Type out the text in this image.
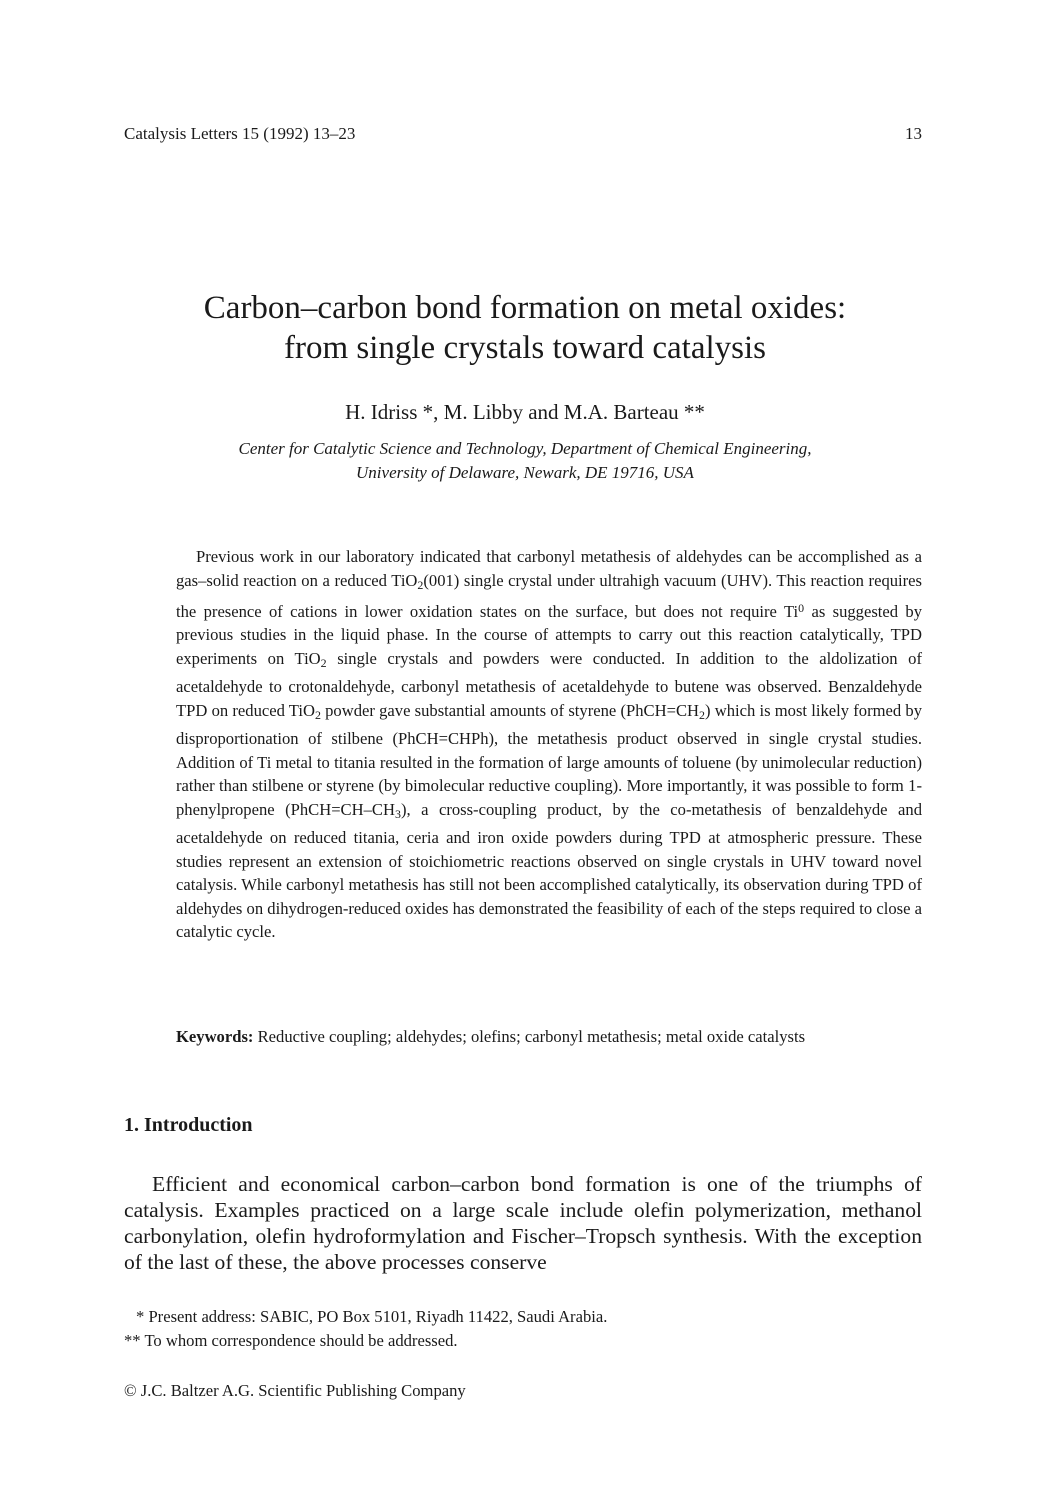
Catalysis Letters 15 (1992) 13–23	13
Carbon–carbon bond formation on metal oxides:
from single crystals toward catalysis
H. Idriss *, M. Libby and M.A. Barteau **
Center for Catalytic Science and Technology, Department of Chemical Engineering,
University of Delaware, Newark, DE 19716, USA

Previous work in our laboratory indicated that carbonyl metathesis of aldehydes can be accomplished as a gas–solid reaction on a reduced TiO$_2$(001) single crystal under ultrahigh vacuum (UHV). This reaction requires the presence of cations in lower oxidation states on the surface, but does not require Ti$^0$ as suggested by previous studies in the liquid phase. In the course of attempts to carry out this reaction catalytically, TPD experiments on TiO$_2$ single crystals and powders were conducted. In addition to the aldolization of acetaldehyde to crotonaldehyde, carbonyl metathesis of acetaldehyde to butene was observed. Benzaldehyde TPD on reduced TiO$_2$ powder gave substantial amounts of styrene $(PhCH=CH_2)$ which is most likely formed by disproportionation of stilbene (PhCH=CHPh), the metathesis product observed in single crystal studies. Addition of Ti metal to titania resulted in the formation of large amounts of toluene (by unimolecular reduction) rather than stilbene or styrene (by bimolecular reductive coupling). More importantly, it was possible to form 1-phenylpropene $(PhCH=CH-CH_3)$, a cross-coupling product, by the co-metathesis of benzaldehyde and acetaldehyde on reduced titania, ceria and iron oxide powders during TPD at atmospheric pressure. These studies represent an extension of stoichiometric reactions observed on single crystals in UHV toward novel catalysis. While carbonyl metathesis has still not been accomplished catalytically, its observation during TPD of aldehydes on dihydrogen-reduced oxides has demonstrated the feasibility of each of the steps required to close a catalytic cycle.

Keywords: Reductive coupling; aldehydes; olefins; carbonyl metathesis; metal oxide catalysts
1. Introduction

Efficient and economical carbon–carbon bond formation is one of the triumphs of catalysis. Examples practiced on a large scale include olefin polymerization, methanol carbonylation, olefin hydroformylation and Fischer–Tropsch synthesis. With the exception of the last of these, the above processes conserve

* Present address: SABIC, PO Box 5101, Riyadh 11422, Saudi Arabia.
** To whom correspondence should be addressed.
© J.C. Baltzer A.G. Scientific Publishing Company
